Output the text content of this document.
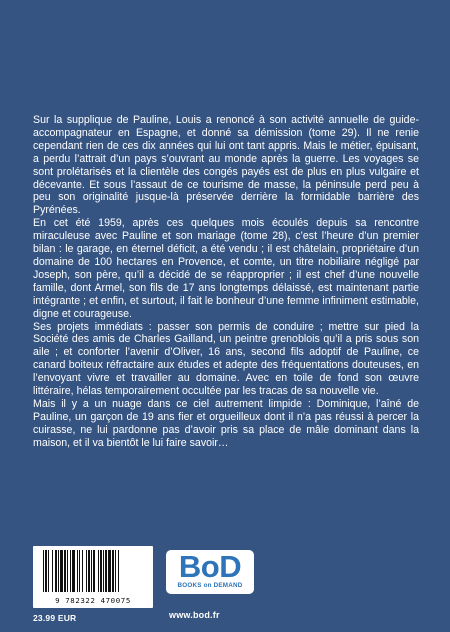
Sur la supplique de Pauline, Louis a renoncé à son activité annuelle de guide-accompagnateur en Espagne, et donné sa démission (tome 29). Il ne renie cependant rien de ces dix années qui lui ont tant appris. Mais le métier, épuisant, a perdu l’attrait d’un pays s’ouvrant au monde après la guerre. Les voyages se sont prolétarisés et la clientèle des congés payés est de plus en plus vulgaire et décevante. Et sous l’assaut de ce tourisme de masse, la péninsule perd peu à peu son originalité jusque-là préservée derrière la formidable barrière des Pyrénées.

En cet été 1959, après ces quelques mois écoulés depuis sa rencontre miraculeuse avec Pauline et son mariage (tome 28), c’est l’heure d’un premier bilan : le garage, en éternel déficit, a été vendu ; il est châtelain, propriétaire d’un domaine de 100 hectares en Provence, et comte, un titre nobiliaire négligé par Joseph, son père, qu’il a décidé de se réapproprier ; il est chef d’une nouvelle famille, dont Armel, son fils de 17 ans longtemps délaissé, est maintenant partie intégrante ; et enfin, et surtout, il fait le bonheur d’une femme infiniment estimable, digne et courageuse.

Ses projets immédiats : passer son permis de conduire ; mettre sur pied la Société des amis de Charles Gailland, un peintre grenoblois qu’il a pris sous son aile ; et conforter l’avenir d’Oliver, 16 ans, second fils adoptif de Pauline, ce canard boiteux réfractaire aux études et adepte des fréquentations douteuses, en l’envoyant vivre et travailler au domaine. Avec en toile de fond son œuvre littéraire, hélas temporairement occultée par les tracas de sa nouvelle vie.

Mais il y a un nuage dans ce ciel autrement limpide : Dominique, l’aîné de Pauline, un garçon de 19 ans fier et orgueilleux dont il n’a pas réussi à percer la cuirasse, ne lui pardonne pas d’avoir pris sa place de mâle dominant dans la maison, et il va bientôt le lui faire savoir…

9 782322 470075
23.99 EUR
BoD
BOOKS on DEMAND
www.bod.fr
